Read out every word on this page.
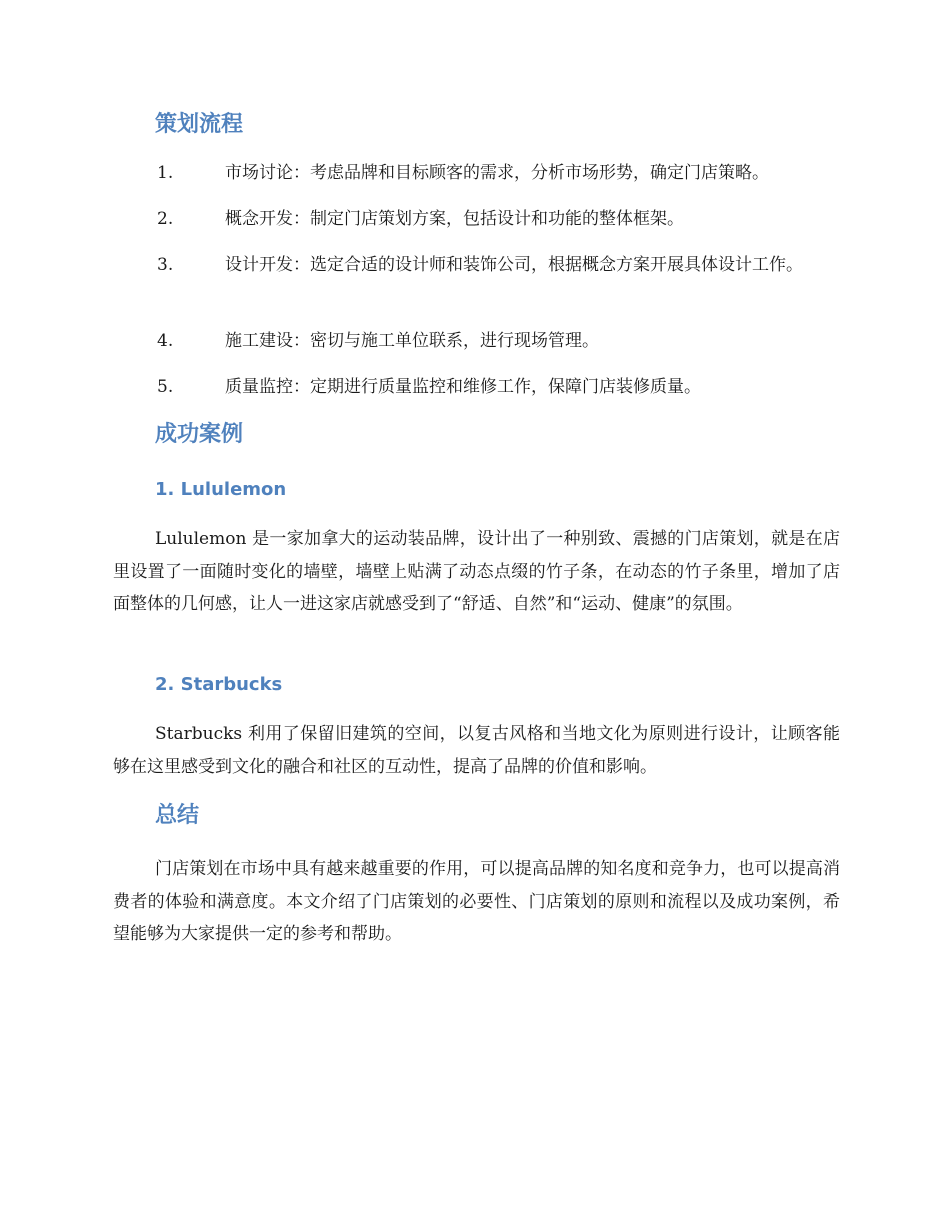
策划流程
1.	市场讨论：考虑品牌和目标顾客的需求，分析市场形势，确定门店策略。
2.	概念开发：制定门店策划方案，包括设计和功能的整体框架。
3.	设计开发：选定合适的设计师和装饰公司，根据概念方案开展具体设计工作。
4.	施工建设：密切与施工单位联系，进行现场管理。
5.	质量监控：定期进行质量监控和维修工作，保障门店装修质量。
成功案例
1. Lululemon

Lululemon 是一家加拿大的运动装品牌，设计出了一种别致、震撼的门店策划，就是在店里设置了一面随时变化的墙壁，墙壁上贴满了动态点缀的竹子条，在动态的竹子条里，增加了店面整体的几何感，让人一进这家店就感受到了“舒适、自然”和“运动、健康”的氛围。

2. Starbucks

Starbucks 利用了保留旧建筑的空间，以复古风格和当地文化为原则进行设计，让顾客能够在这里感受到文化的融合和社区的互动性，提高了品牌的价值和影响。

总结

门店策划在市场中具有越来越重要的作用，可以提高品牌的知名度和竞争力，也可以提高消费者的体验和满意度。本文介绍了门店策划的必要性、门店策划的原则和流程以及成功案例，希望能够为大家提供一定的参考和帮助。
